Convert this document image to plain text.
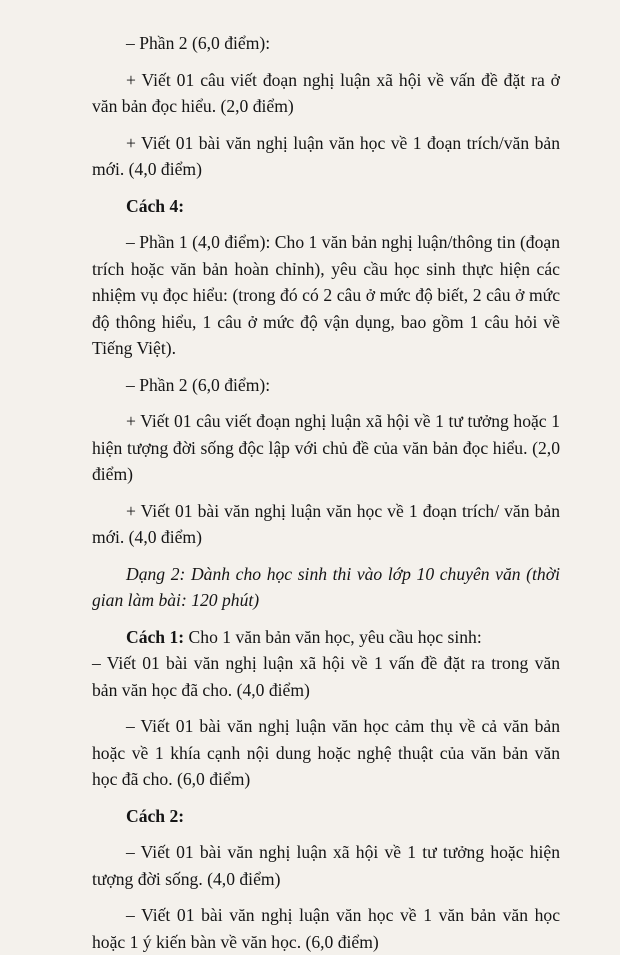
– Phần 2 (6,0 điểm):

+ Viết 01 câu viết đoạn nghị luận xã hội về vấn đề đặt ra ở văn bản đọc hiểu. (2,0 điểm)

+ Viết 01 bài văn nghị luận văn học về 1 đoạn trích/văn bản mới. (4,0 điểm)

Cách 4:

– Phần 1 (4,0 điểm): Cho 1 văn bản nghị luận/thông tin (đoạn trích hoặc văn bản hoàn chỉnh), yêu cầu học sinh thực hiện các nhiệm vụ đọc hiểu: (trong đó có 2 câu ở mức độ biết, 2 câu ở mức độ thông hiểu, 1 câu ở mức độ vận dụng, bao gồm 1 câu hỏi về Tiếng Việt).

– Phần 2 (6,0 điểm):

+ Viết 01 câu viết đoạn nghị luận xã hội về 1 tư tưởng hoặc 1 hiện tượng đời sống độc lập với chủ đề của văn bản đọc hiểu. (2,0 điểm)

+ Viết 01 bài văn nghị luận văn học về 1 đoạn trích/ văn bản mới. (4,0 điểm)

Dạng 2: Dành cho học sinh thi vào lớp 10 chuyên văn (thời gian làm bài: 120 phút)

Cách 1: Cho 1 văn bản văn học, yêu cầu học sinh:

– Viết 01 bài văn nghị luận xã hội về 1 vấn đề đặt ra trong văn bản văn học đã cho. (4,0 điểm)

– Viết 01 bài văn nghị luận văn học cảm thụ về cả văn bản hoặc về 1 khía cạnh nội dung hoặc nghệ thuật của văn bản văn học đã cho. (6,0 điểm)

Cách 2:

– Viết 01 bài văn nghị luận xã hội về 1 tư tưởng hoặc hiện tượng đời sống. (4,0 điểm)

– Viết 01 bài văn nghị luận văn học về 1 văn bản văn học hoặc 1 ý kiến bàn về văn học. (6,0 điểm)
